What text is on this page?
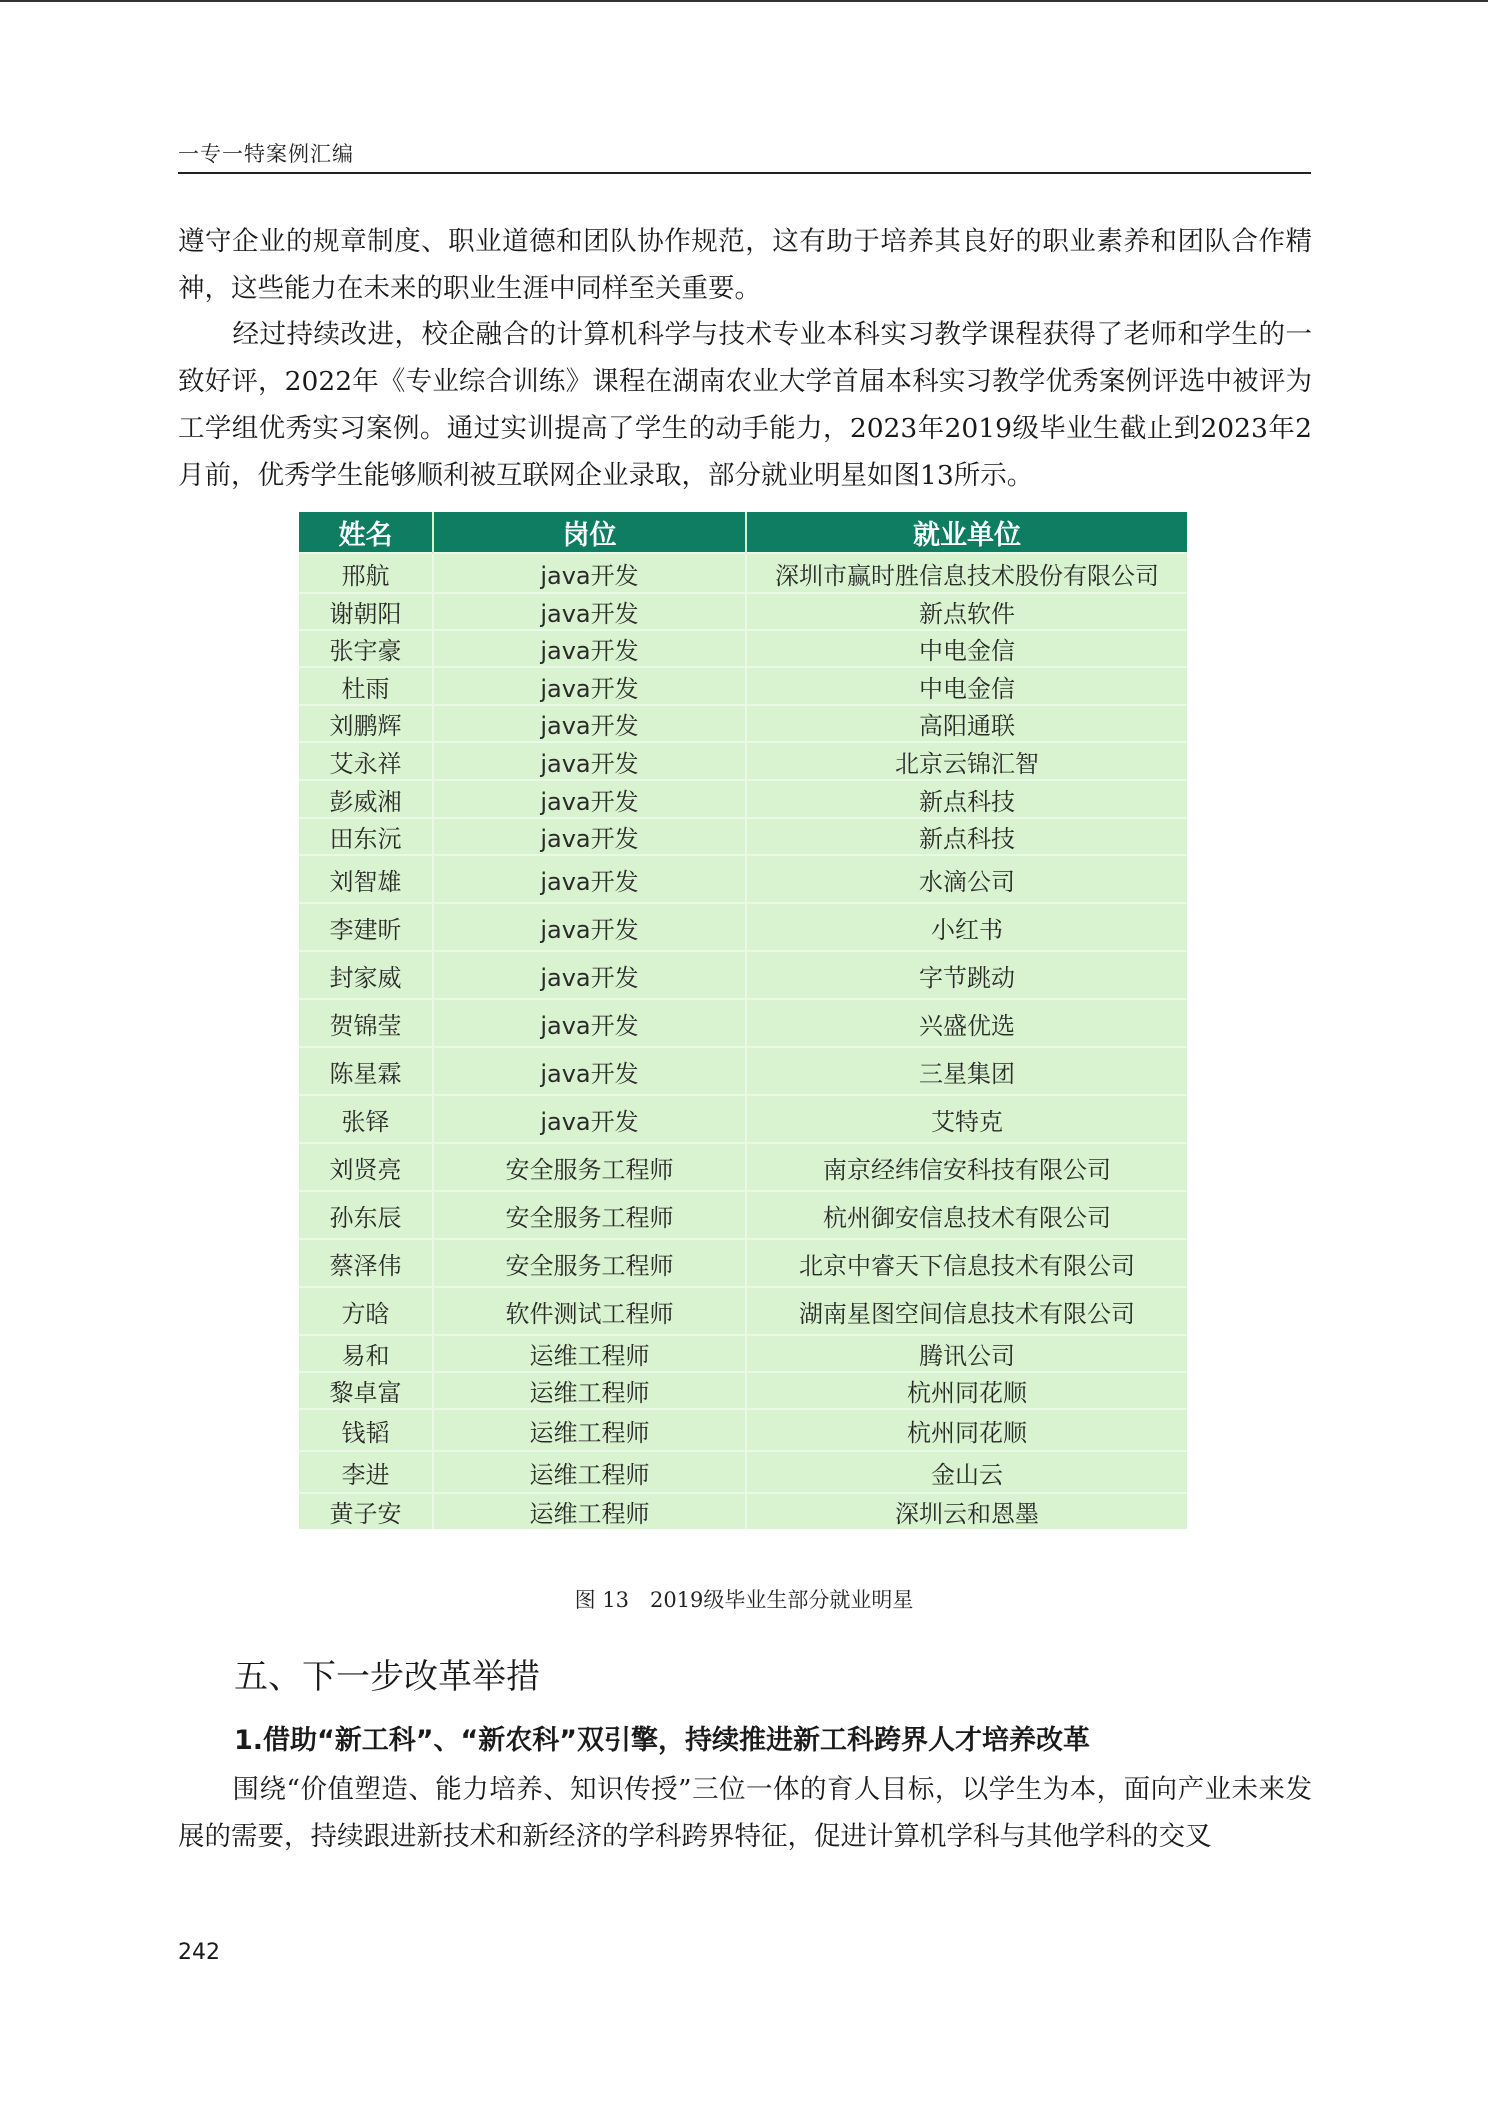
一专一特案例汇编

遵守企业的规章制度、职业道德和团队协作规范，这有助于培养其良好的职业素养和团队合作精神，这些能力在未来的职业生涯中同样至关重要。

经过持续改进，校企融合的计算机科学与技术专业本科实习教学课程获得了老师和学生的一致好评，2022年《专业综合训练》课程在湖南农业大学首届本科实习教学优秀案例评选中被评为工学组优秀实习案例。通过实训提高了学生的动手能力，2023年2019级毕业生截止到2023年2月前，优秀学生能够顺利被互联网企业录取，部分就业明星如图13所示。

姓名	岗位	就业单位
邢航	java开发	深圳市赢时胜信息技术股份有限公司
谢朝阳	java开发	新点软件
张宇豪	java开发	中电金信
杜雨	java开发	中电金信
刘鹏辉	java开发	高阳通联
艾永祥	java开发	北京云锦汇智
彭威湘	java开发	新点科技
田东沅	java开发	新点科技
刘智雄	java开发	水滴公司
李建昕	java开发	小红书
封家威	java开发	字节跳动
贺锦莹	java开发	兴盛优选
陈星霖	java开发	三星集团
张铎	java开发	艾特克
刘贤亮	安全服务工程师	南京经纬信安科技有限公司
孙东辰	安全服务工程师	杭州御安信息技术有限公司
蔡泽伟	安全服务工程师	北京中睿天下信息技术有限公司
方晗	软件测试工程师	湖南星图空间信息技术有限公司
易和	运维工程师	腾讯公司
黎卓富	运维工程师	杭州同花顺
钱韬	运维工程师	杭州同花顺
李进	运维工程师	金山云
黄子安	运维工程师	深圳云和恩墨
图 13　2019级毕业生部分就业明星
五、下一步改革举措
1.借助“新工科”、“新农科”双引擎，持续推进新工科跨界人才培养改革

围绕“价值塑造、能力培养、知识传授”三位一体的育人目标，以学生为本，面向产业未来发展的需要，持续跟进新技术和新经济的学科跨界特征，促进计算机学科与其他学科的交叉

242
